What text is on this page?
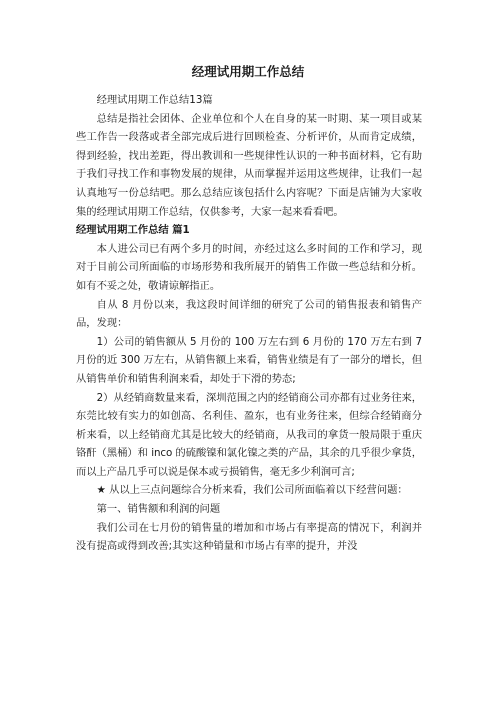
经理试用期工作总结

经理试用期工作总结13篇

总结是指社会团体、企业单位和个人在自身的某一时期、某一项目或某些工作告一段落或者全部完成后进行回顾检查、分析评价，从而肯定成绩，得到经验，找出差距，得出教训和一些规律性认识的一种书面材料，它有助于我们寻找工作和事物发展的规律，从而掌握并运用这些规律，让我们一起认真地写一份总结吧。那么总结应该包括什么内容呢？下面是店铺为大家收集的经理试用期工作总结，仅供参考，大家一起来看看吧。

经理试用期工作总结 篇1

本人进公司已有两个多月的时间，亦经过这么多时间的工作和学习，现对于目前公司所面临的市场形势和我所展开的销售工作做一些总结和分析。如有不妥之处，敬请谅解指正。

自从 8 月份以来，我这段时间详细的研究了公司的销售报表和销售产品，发现：

1）公司的销售额从 5 月份的 100 万左右到 6 月份的 170 万左右到 7 月份的近 300 万左右，从销售额上来看，销售业绩是有了一部分的增长，但从销售单价和销售利润来看，却处于下滑的势态;

2）从经销商数量来看，深圳范围之内的经销商公司亦都有过业务往来，东莞比较有实力的如创高、名利佳、盈东，也有业务往来，但综合经销商分析来看，以上经销商尤其是比较大的经销商，从我司的拿货一般局限于重庆铬酐（黑桶）和 inco 的硫酸镍和氯化镍之类的产品，其余的几乎很少拿货，而以上产品几乎可以说是保本或亏损销售，毫无多少利润可言;

★ 从以上三点问题综合分析来看，我们公司所面临着以下经营问题：

第一、销售额和利润的问题

我们公司在七月份的销售量的增加和市场占有率提高的情况下，利润并没有提高或得到改善;其实这种销量和市场占有率的提升，并没
